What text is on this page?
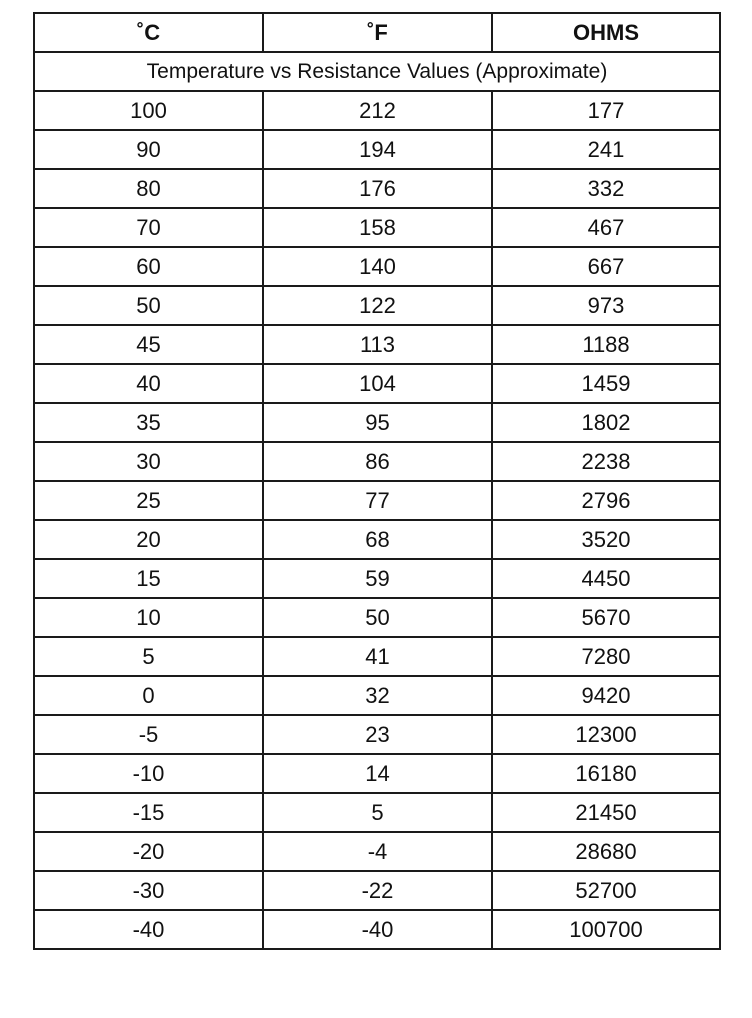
˚C	˚F	OHMS
Temperature vs Resistance Values (Approximate)		
100	212	177
90	194	241
80	176	332
70	158	467
60	140	667
50	122	973
45	113	1188
40	104	1459
35	95	1802
30	86	2238
25	77	2796
20	68	3520
15	59	4450
10	50	5670
5	41	7280
0	32	9420
-5	23	12300
-10	14	16180
-15	5	21450
-20	-4	28680
-30	-22	52700
-40	-40	100700
